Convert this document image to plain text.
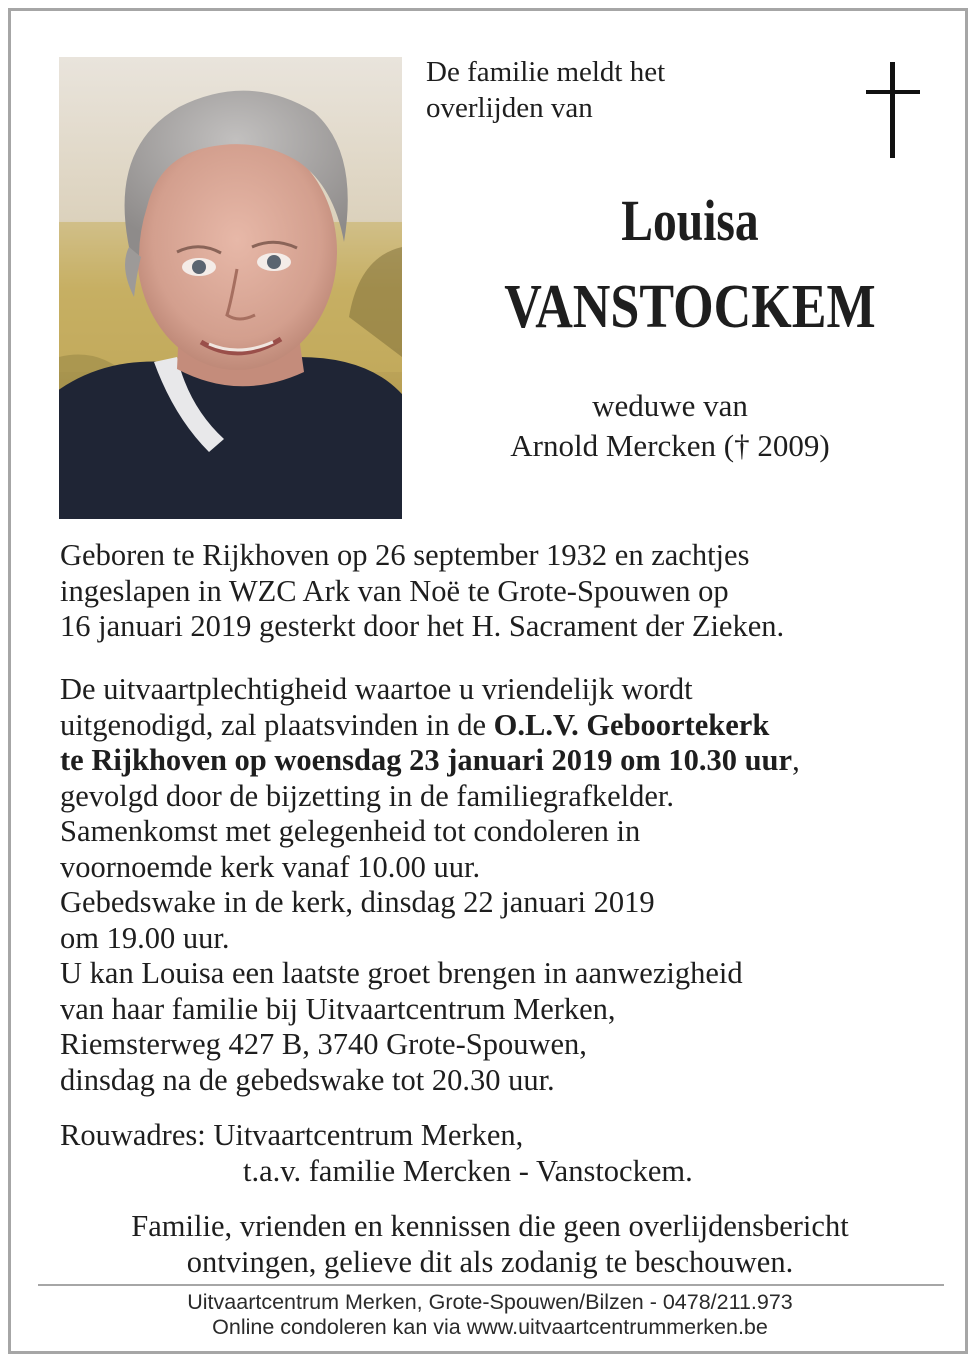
De familie meldt het
overlijden van
Louisa
VANSTOCKEM
weduwe van
Arnold Mercken († 2009)
Geboren te Rijkhoven op 26 september 1932 en zachtjes
ingeslapen in WZC Ark van Noë te Grote-Spouwen op
16 januari 2019 gesterkt door het H. Sacrament der Zieken.
De uitvaartplechtigheid waartoe u vriendelijk wordt
uitgenodigd, zal plaatsvinden in de O.L.V. Geboortekerk
te Rijkhoven op woensdag 23 januari 2019 om 10.30 uur,
gevolgd door de bijzetting in de familiegrafkelder.
Samenkomst met gelegenheid tot condoleren in
voornoemde kerk vanaf 10.00 uur.
Gebedswake in de kerk, dinsdag 22 januari 2019
om 19.00 uur.
U kan Louisa een laatste groet brengen in aanwezigheid
van haar familie bij Uitvaartcentrum Merken,
Riemsterweg 427 B, 3740 Grote-Spouwen,
dinsdag na de gebedswake tot 20.30 uur.
Rouwadres: Uitvaartcentrum Merken,
t.a.v. familie Mercken - Vanstockem.
Familie, vrienden en kennissen die geen overlijdensbericht
ontvingen, gelieve dit als zodanig te beschouwen.
Uitvaartcentrum Merken, Grote-Spouwen/Bilzen - 0478/211.973
Online condoleren kan via www.uitvaartcentrummerken.be
